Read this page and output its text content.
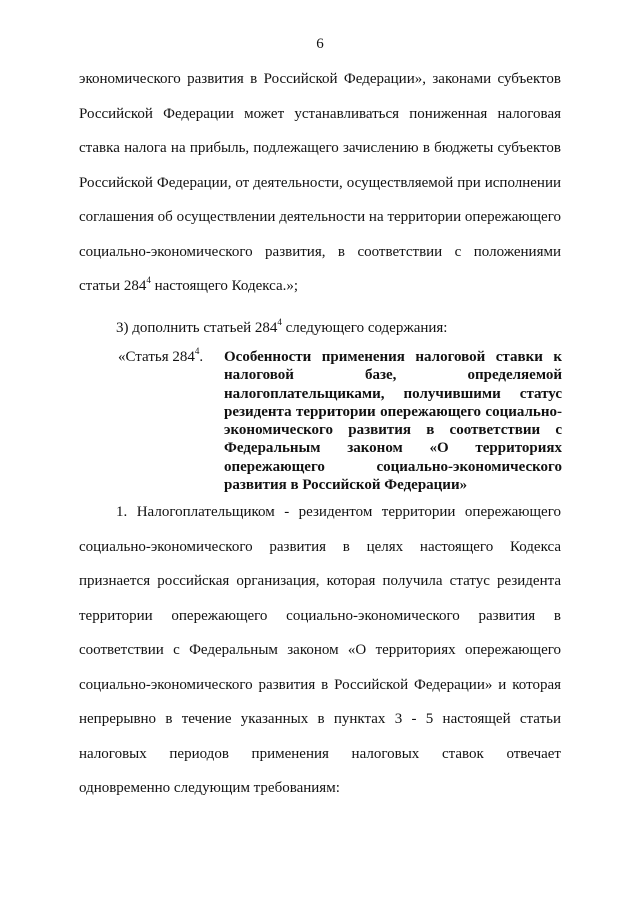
6

экономического развития в Российской Федерации», законами субъектов Российской Федерации может устанавливаться пониженная налоговая ставка налога на прибыль, подлежащего зачислению в бюджеты субъектов Российской Федерации, от деятельности, осуществляемой при исполнении соглашения об осуществлении деятельности на территории опережающего социально-экономического развития, в соответствии с положениями статьи $284^4$ настоящего Кодекса.»;

3) дополнить статьей $284^4$ следующего содержания:

«Статья $284^4$.	Особенности применения налоговой ставки к налоговой базе, определяемой налогоплательщиками, получившими статус резидента территории опережающего социально-экономического развития в соответствии с Федеральным законом «О территориях опережающего социально-экономического развития в Российской Федерации»

1. Налогоплательщиком - резидентом территории опережающего социально-экономического развития в целях настоящего Кодекса признается российская организация, которая получила статус резидента территории опережающего социально-экономического развития в соответствии с Федеральным законом «О территориях опережающего социально-экономического развития в Российской Федерации» и которая непрерывно в течение указанных в пунктах 3 - 5 настоящей статьи налоговых периодов применения налоговых ставок отвечает одновременно следующим требованиям:
